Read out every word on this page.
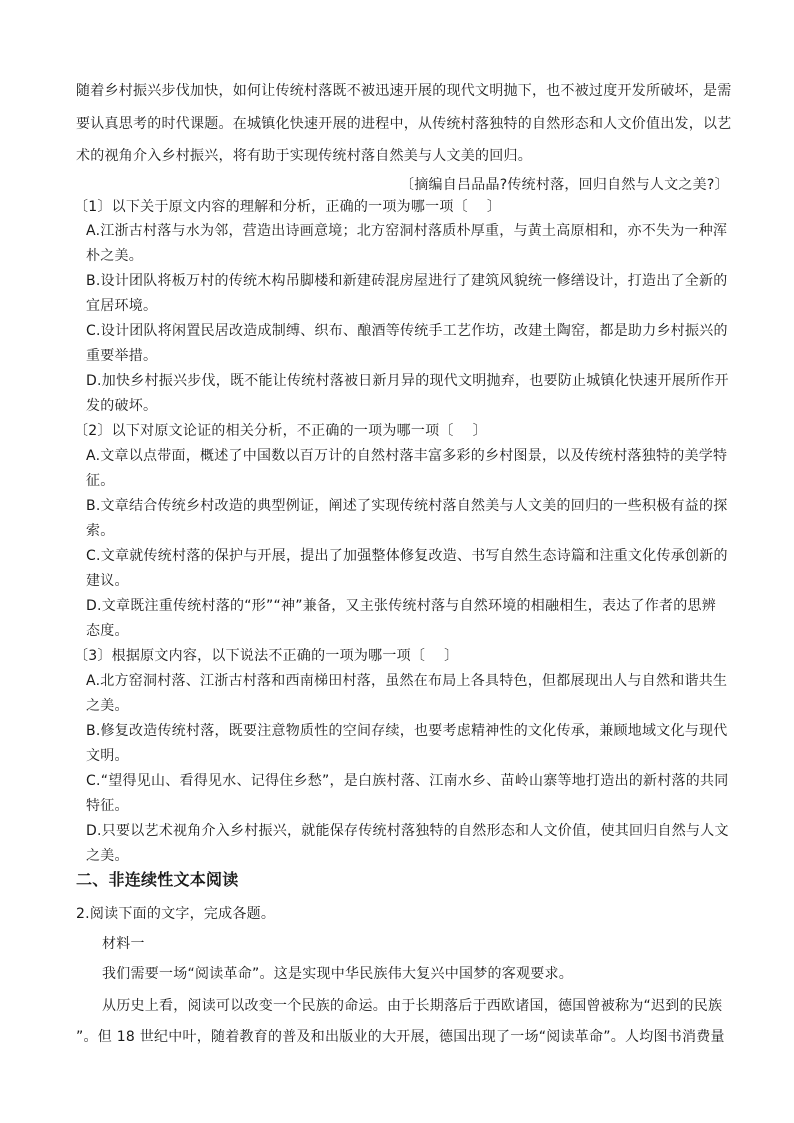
随着乡村振兴步伐加快，如何让传统村落既不被迅速开展的现代文明抛下，也不被过度开发所破坏，是需
要认真思考的时代课题。在城镇化快速开展的进程中，从传统村落独特的自然形态和人文价值出发，以艺
术的视角介入乡村振兴，将有助于实现传统村落自然美与人文美的回归。
〔摘编自吕品晶?传统村落，回归自然与人文之美?〕
〔1〕以下关于原文内容的理解和分析，正确的一项为哪一项〔　 〕
A.江浙古村落与水为邻，营造出诗画意境；北方窑洞村落质朴厚重，与黄土高原相和，亦不失为一种浑
朴之美。
B.设计团队将板万村的传统木构吊脚楼和新建砖混房屋进行了建筑风貌统一修缮设计，打造出了全新的
宜居环境。
C.设计团队将闲置民居改造成制缚、织布、酿酒等传统手工艺作坊，改建土陶窑，都是助力乡村振兴的
重要举措。
D.加快乡村振兴步伐，既不能让传统村落被日新月异的现代文明抛弃，也要防止城镇化快速开展所作开
发的破坏。
〔2〕以下对原文论证的相关分析，不正确的一项为哪一项〔　 〕
A.文章以点带面，概述了中国数以百万计的自然村落丰富多彩的乡村图景，以及传统村落独特的美学特
征。
B.文章结合传统乡村改造的典型例证，阐述了实现传统村落自然美与人文美的回归的一些积极有益的探
索。
C.文章就传统村落的保护与开展，提出了加强整体修复改造、书写自然生态诗篇和注重文化传承创新的
建议。
D.文章既注重传统村落的“形”“神”兼备，又主张传统村落与自然环境的相融相生，表达了作者的思辨
态度。
〔3〕根据原文内容，以下说法不正确的一项为哪一项〔　 〕
A.北方窑洞村落、江浙古村落和西南梯田村落，虽然在布局上各具特色，但都展现出人与自然和谐共生
之美。
B.修复改造传统村落，既要注意物质性的空间存续，也要考虑精神性的文化传承，兼顾地域文化与现代
文明。
C.“望得见山、看得见水、记得住乡愁”，是白族村落、江南水乡、苗岭山寨等地打造出的新村落的共同
特征。
D.只要以艺术视角介入乡村振兴，就能保存传统村落独特的自然形态和人文价值，使其回归自然与人文
之美。
二、非连续性文本阅读
2.阅读下面的文字，完成各题。
材料一
我们需要一场“阅读革命”。这是实现中华民族伟大复兴中国梦的客观要求。
从历史上看，阅读可以改变一个民族的命运。由于长期落后于西欧诸国，德国曾被称为“迟到的民族
”。但 18 世纪中叶，随着教育的普及和出版业的大开展，德国出现了一场“阅读革命”。人均图书消费量
